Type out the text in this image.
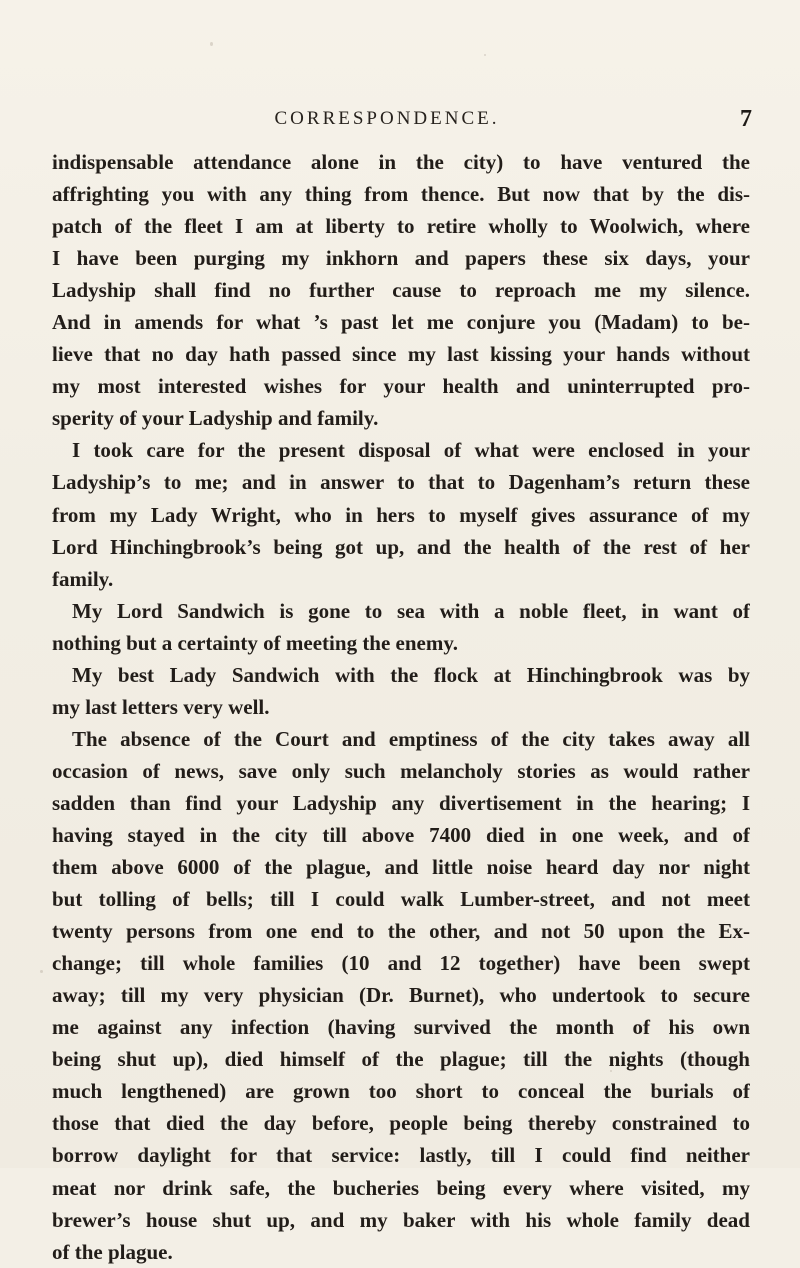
CORRESPONDENCE.	7
indispensable attendance alone in the city) to have ventured the
affrighting you with any thing from thence. But now that by the dis-
patch of the fleet I am at liberty to retire wholly to Woolwich, where
I have been purging my inkhorn and papers these six days, your
Ladyship shall find no further cause to reproach me my silence.
And in amends for what ’s past let me conjure you (Madam) to be-
lieve that no day hath passed since my last kissing your hands without
my most interested wishes for your health and uninterrupted pro-
sperity of your Ladyship and family.
I took care for the present disposal of what were enclosed in your
Ladyship’s to me; and in answer to that to Dagenham’s return these
from my Lady Wright, who in hers to myself gives assurance of my
Lord Hinchingbrook’s being got up, and the health of the rest of her
family.
My Lord Sandwich is gone to sea with a noble fleet, in want of
nothing but a certainty of meeting the enemy.
My best Lady Sandwich with the flock at Hinchingbrook was by
my last letters very well.
The absence of the Court and emptiness of the city takes away all
occasion of news, save only such melancholy stories as would rather
sadden than find your Ladyship any divertisement in the hearing; I
having stayed in the city till above 7400 died in one week, and of
them above 6000 of the plague, and little noise heard day nor night
but tolling of bells; till I could walk Lumber-street, and not meet
twenty persons from one end to the other, and not 50 upon the Ex-
change; till whole families (10 and 12 together) have been swept
away; till my very physician (Dr. Burnet), who undertook to secure
me against any infection (having survived the month of his own
being shut up), died himself of the plague; till the nights (though
much lengthened) are grown too short to conceal the burials of
those that died the day before, people being thereby constrained to
borrow daylight for that service: lastly, till I could find neither
meat nor drink safe, the bucheries being every where visited, my
brewer’s house shut up, and my baker with his whole family dead
of the plague.
